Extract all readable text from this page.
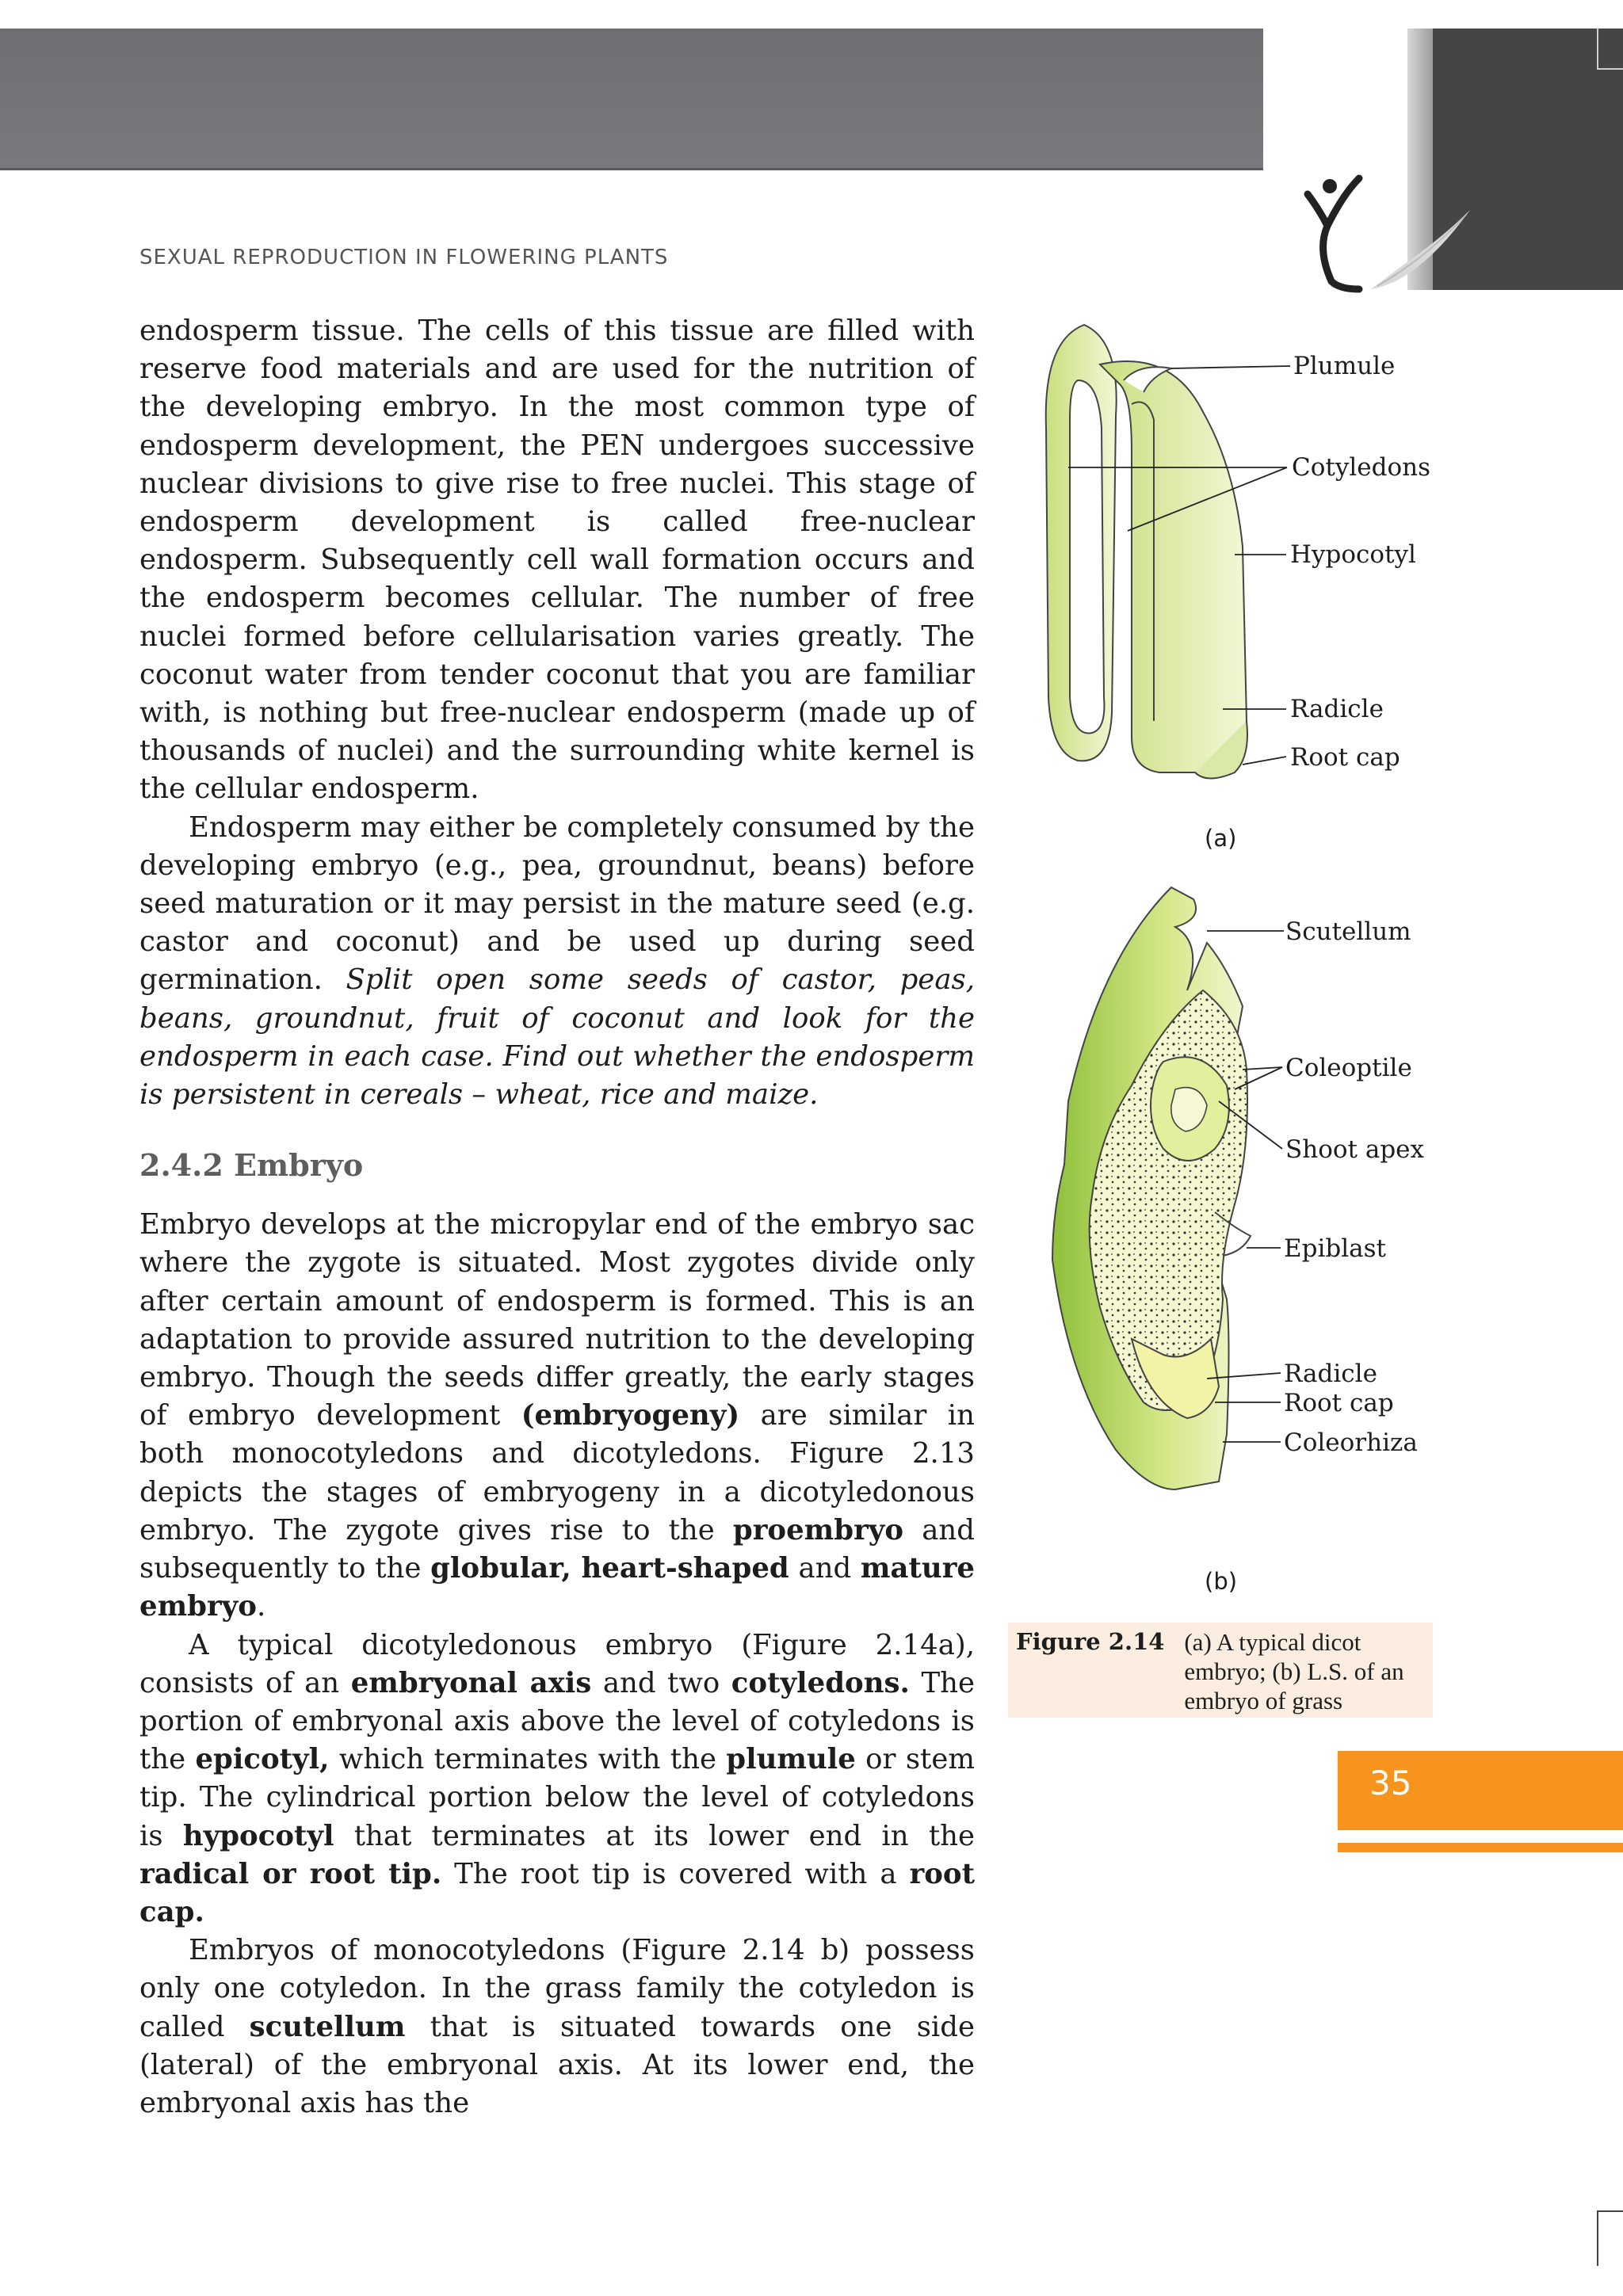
SEXUAL REPRODUCTION IN FLOWERING PLANTS

endosperm tissue. The cells of this tissue are filled with reserve food materials and are used for the nutrition of the developing embryo. In the most common type of endosperm development, the PEN undergoes successive nuclear divisions to give rise to free nuclei. This stage of endosperm development is called free-nuclear endosperm. Subsequently cell wall formation occurs and the endosperm becomes cellular. The number of free nuclei formed before cellularisation varies greatly. The coconut water from tender coconut that you are familiar with, is nothing but free-nuclear endosperm (made up of thousands of nuclei) and the surrounding white kernel is the cellular endosperm.

Endosperm may either be completely consumed by the developing embryo (e.g., pea, groundnut, beans) before seed maturation or it may persist in the mature seed (e.g. castor and coconut) and be used up during seed germination. Split open some seeds of castor, peas, beans, groundnut, fruit of coconut and look for the endosperm in each case. Find out whether the endosperm is persistent in cereals – wheat, rice and maize.

2.4.2 Embryo

Embryo develops at the micropylar end of the embryo sac where the zygote is situated. Most zygotes divide only after certain amount of endosperm is formed. This is an adaptation to provide assured nutrition to the developing embryo. Though the seeds differ greatly, the early stages of embryo development (embryogeny) are similar in both monocotyledons and dicotyledons. Figure 2.13 depicts the stages of embryogeny in a dicotyledonous embryo. The zygote gives rise to the proembryo and subsequently to the globular, heart-shaped and mature embryo.

A typical dicotyledonous embryo (Figure 2.14a), consists of an embryonal axis and two cotyledons. The portion of embryonal axis above the level of cotyledons is the epicotyl, which terminates with the plumule or stem tip. The cylindrical portion below the level of cotyledons is hypocotyl that terminates at its lower end in the radical or root tip. The root tip is covered with a root cap.

Embryos of monocotyledons (Figure 2.14 b) possess only one cotyledon. In the grass family the cotyledon is called scutellum that is situated towards one side (lateral) of the embryonal axis. At its lower end, the embryonal axis has the

Plumule
Cotyledons
Hypocotyl
Radicle
Root cap
(a)
Scutellum
Coleoptile
Shoot apex
Epiblast
Radicle
Root cap
Coleorhiza
(b)
Figure 2.14 (a) A typical dicot embryo; (b) L.S. of an embryo of grass
35
